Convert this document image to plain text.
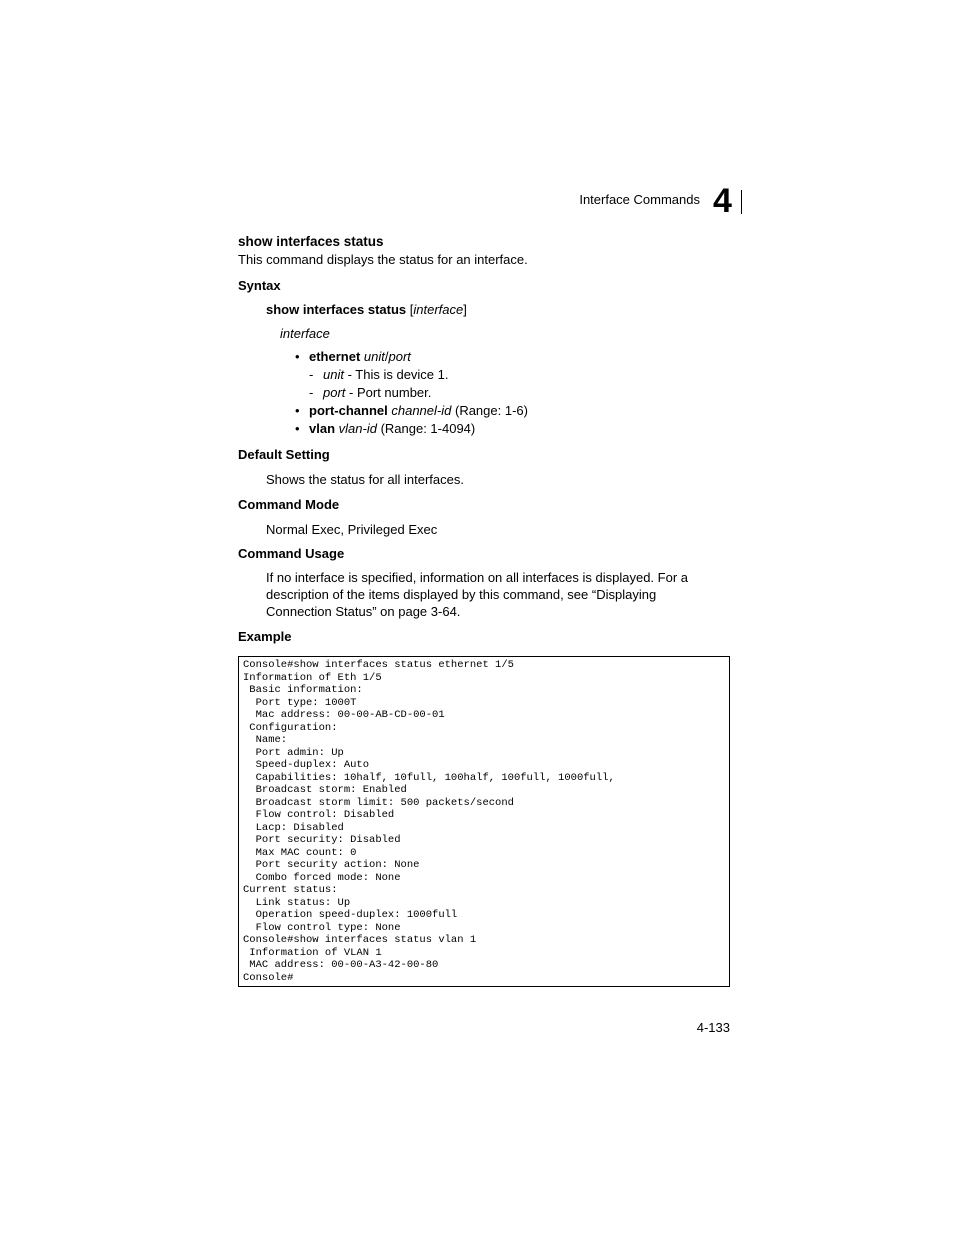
Interface Commands 4
show interfaces status
This command displays the status for an interface.
Syntax
show interfaces status [interface]
interface
• ethernet unit/port
- unit - This is device 1.
- port - Port number.
• port-channel channel-id (Range: 1-6)
• vlan vlan-id (Range: 1-4094)
Default Setting
Shows the status for all interfaces.
Command Mode
Normal Exec, Privileged Exec
Command Usage
If no interface is specified, information on all interfaces is displayed. For a description of the items displayed by this command, see “Displaying Connection Status” on page 3-64.
Example
Console#show interfaces status ethernet 1/5
Information of Eth 1/5
Basic information:
Port type: 1000T
Mac address: 00-00-AB-CD-00-01
Configuration:
Name:
Port admin: Up
Speed-duplex: Auto
Capabilities: 10half, 10full, 100half, 100full, 1000full,
Broadcast storm: Enabled
Broadcast storm limit: 500 packets/second
Flow control: Disabled
Lacp: Disabled
Port security: Disabled
Max MAC count: 0
Port security action: None
Combo forced mode: None
Current status:
Link status: Up
Operation speed-duplex: 1000full
Flow control type: None
Console#show interfaces status vlan 1
Information of VLAN 1
MAC address: 00-00-A3-42-00-80
Console#
4-133
